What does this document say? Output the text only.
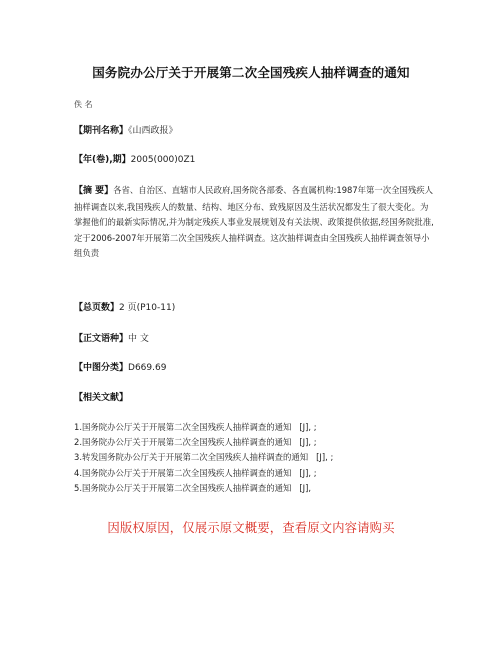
国务院办公厅关于开展第二次全国残疾人抽样调查的通知
佚 名
【期刊名称】《山西政报》
【年(卷),期】2005(000)0Z1

【摘 要】各省、自治区、直辖市人民政府,国务院各部委、各直属机构:1987年第一次全国残疾人抽样调查以来,我国残疾人的数量、结构、地区分布、致残原因及生活状况都发生了很大变化。为掌握他们的最新实际情况,并为制定残疾人事业发展规划及有关法规、政策提供依据,经国务院批准,定于2006-2007年开展第二次全国残疾人抽样调查。这次抽样调查由全国残疾人抽样调查领导小组负责

【总页数】2 页(P10-11)
【正文语种】中 文
【中图分类】D669.69
【相关文献】
1.国务院办公厅关于开展第二次全国残疾人抽样调查的通知 [J], ;
2.国务院办公厅关于开展第二次全国残疾人抽样调查的通知 [J], ;
3.转发国务院办公厅关于开展第二次全国残疾人抽样调查的通知 [J], ;
4.国务院办公厅关于开展第二次全国残疾人抽样调查的通知 [J], ;
5.国务院办公厅关于开展第二次全国残疾人抽样调查的通知 [J],
因版权原因，仅展示原文概要，查看原文内容请购买
